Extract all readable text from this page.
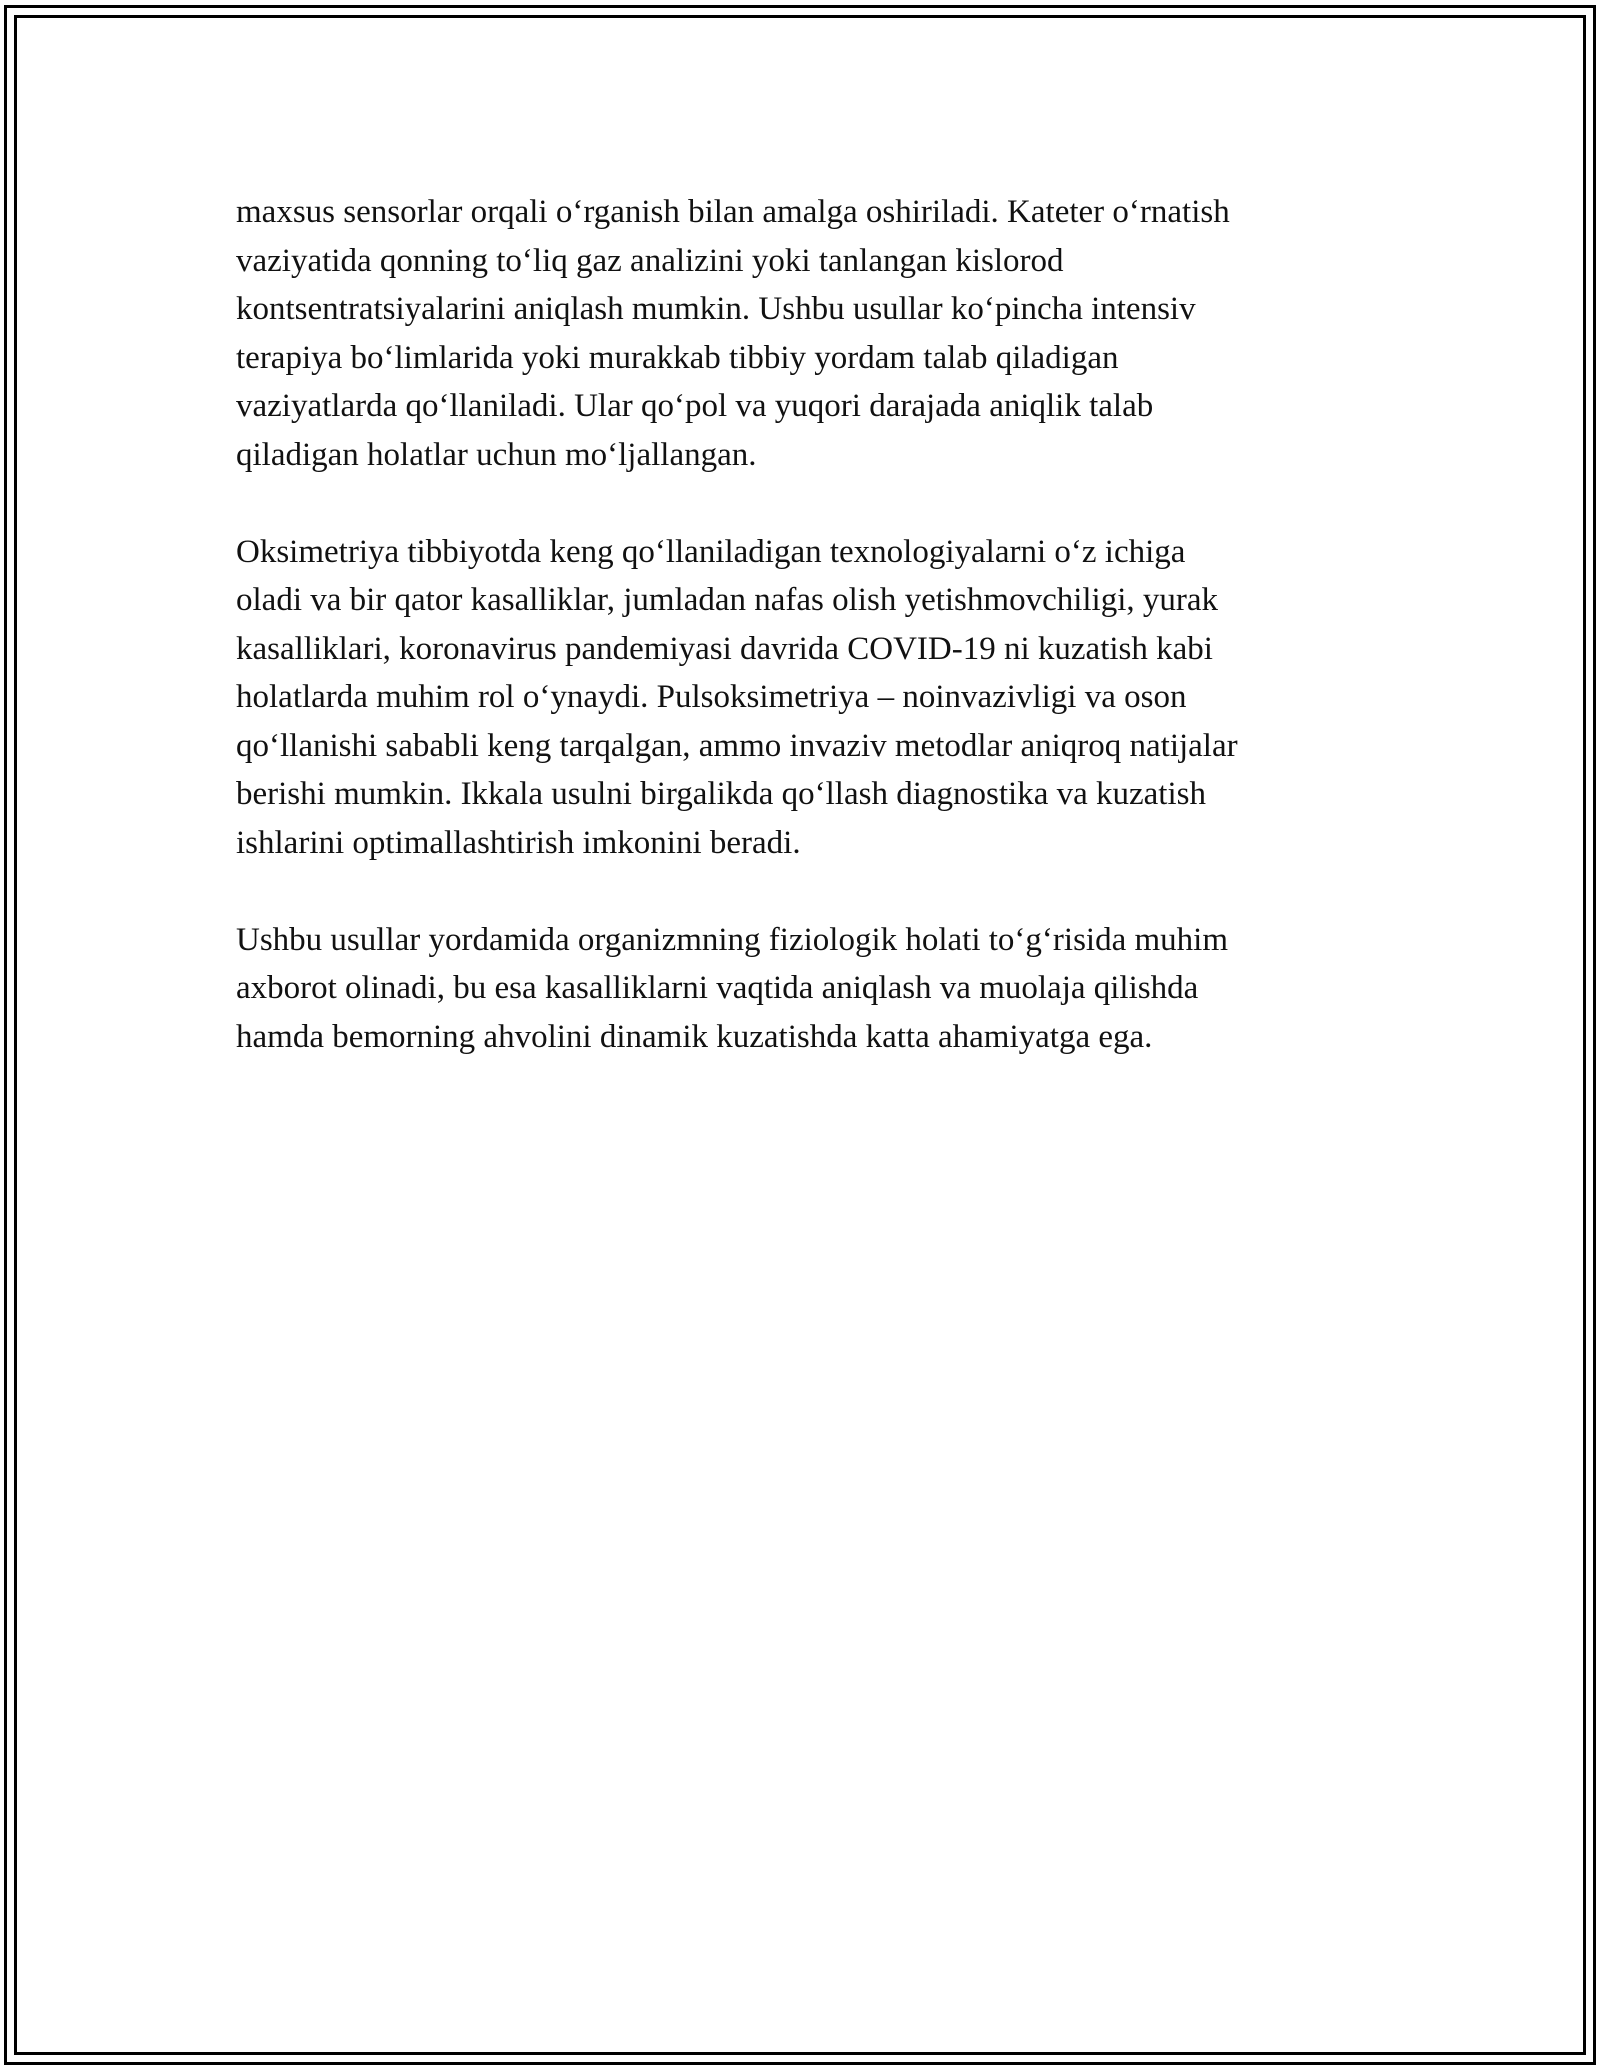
maxsus sensorlar orqali o‘rganish bilan amalga oshiriladi. Kateter o‘rnatish
vaziyatida qonning to‘liq gaz analizini yoki tanlangan kislorod
kontsentratsiyalarini aniqlash mumkin. Ushbu usullar ko‘pincha intensiv
terapiya bo‘limlarida yoki murakkab tibbiy yordam talab qiladigan
vaziyatlarda qo‘llaniladi. Ular qo‘pol va yuqori darajada aniqlik talab
qiladigan holatlar uchun mo‘ljallangan.

Oksimetriya tibbiyotda keng qo‘llaniladigan texnologiyalarni o‘z ichiga
oladi va bir qator kasalliklar, jumladan nafas olish yetishmovchiligi, yurak
kasalliklari, koronavirus pandemiyasi davrida COVID-19 ni kuzatish kabi
holatlarda muhim rol o‘ynaydi. Pulsoksimetriya – noinvazivligi va oson
qo‘llanishi sababli keng tarqalgan, ammo invaziv metodlar aniqroq natijalar
berishi mumkin. Ikkala usulni birgalikda qo‘llash diagnostika va kuzatish
ishlarini optimallashtirish imkonini beradi.

Ushbu usullar yordamida organizmning fiziologik holati to‘g‘risida muhim
axborot olinadi, bu esa kasalliklarni vaqtida aniqlash va muolaja qilishda
hamda bemorning ahvolini dinamik kuzatishda katta ahamiyatga ega.
